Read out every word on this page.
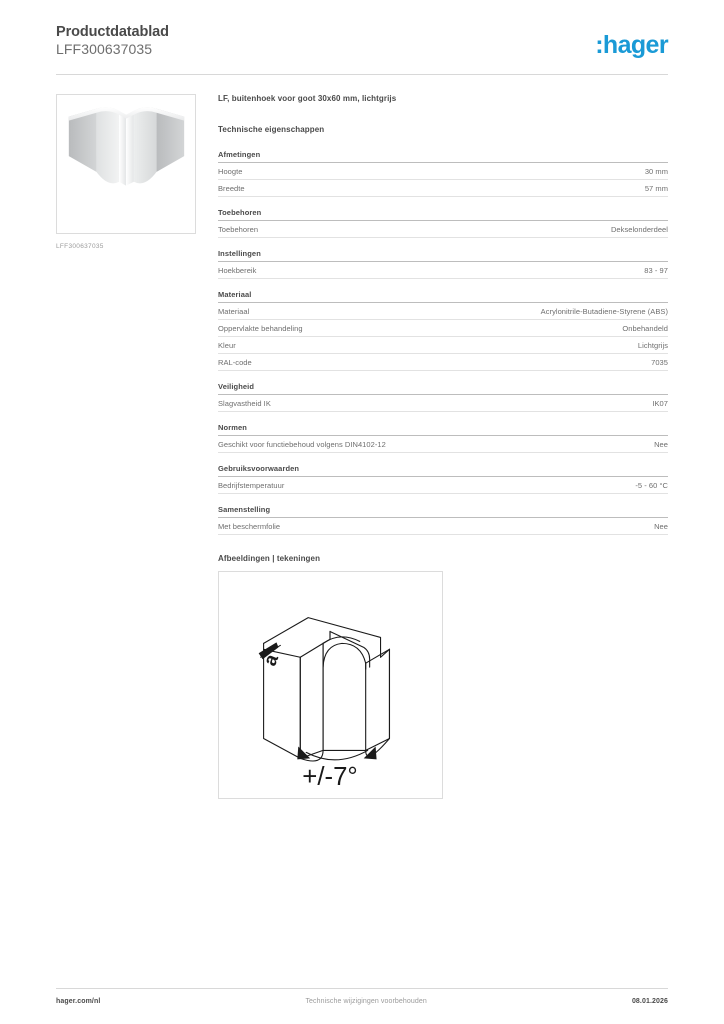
Productdatablad
LFF300637035	:hager
LFF300637035
LF, buitenhoek voor goot 30x60 mm, lichtgrijs
Technische eigenschappen
Afmetingen
Hoogte	30 mm
Breedte	57 mm
Toebehoren
Toebehoren	Dekselonderdeel
Instellingen
Hoekbereik	83 - 97
Materiaal
Materiaal	Acrylonitrile-Butadiene-Styrene (ABS)
Oppervlakte behandeling	Onbehandeld
Kleur	Lichtgrijs
RAL-code	7035
Veiligheid
Slagvastheid IK	IK07
Normen
Geschikt voor functiebehoud volgens DIN4102-12	Nee
Gebruiksvoorwaarden
Bedrijfstemperatuur	-5 - 60 °C
Samenstelling
Met beschermfolie	Nee
Afbeeldingen | tekeningen
a
+/-7°
hager.com/nl	Technische wijzigingen voorbehouden	08.01.2026
